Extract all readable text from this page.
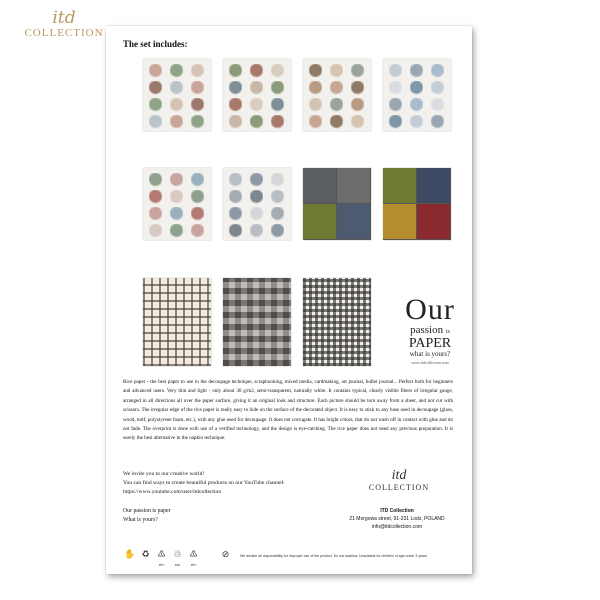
itd
COLLECTION
The set includes:
Our
passion is PAPER
what is yours?
www.itdcollection.com
Rice paper - the best paper to use in the decoupage technique, scrapbooking, mixed media, cardmaking, art journal, bullet journal... Perfect both for beginners and advanced users. Very thin and light - only about 30 g/m2, semi-transparent, naturally white. It contains typical, clearly visible fibers of irregular gauge, arranged in all directions all over the paper surface, giving it an original look and structure. Each picture should be torn away from a sheet, and not cut with scissors. The irregular edge of the rice paper is really easy to hide on the surface of the decorated object. It is easy to stick to any base used in decoupage (glass, wood, mdf, polystyrene foam, etc.), with any glue used for decoupage. It does not corrugate. It has bright colors, that do not wash off in contact with glue and do not fade. The overprint is done with use of a verified technology, and the design is eye-catching. The rice paper does not need any previous preparation. It is surely the best alternative in the napkin technique.
We invite you to our creative world!
You can find ways to create beautiful products on our YouTube channel:
https://www.youtube.com/user/itdcollection
Our passion is paper
What is yours?
itd
COLLECTION
ITD Collection
21 Morgowa street, 91-231 Lodz, POLAND
info@itdcollection.com
✋ ♻ ♳
PET
♲
PAP
♳
PET
⊘	We decline all responsibility for improper use of the product. Do not swallow. Unsuitable for children of age under 3 years.
